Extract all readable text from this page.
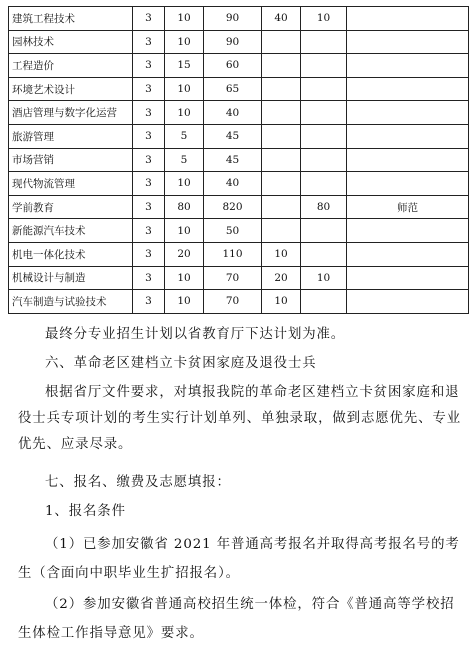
建筑工程技术	3	10	90	40	10	
园林技术	3	10	90			
工程造价	3	15	60			
环境艺术设计	3	10	65			
酒店管理与数字化运营	3	10	40			
旅游管理	3	5	45			
市场营销	3	5	45			
现代物流管理	3	10	40			
学前教育	3	80	820		80	师范
新能源汽车技术	3	10	50			
机电一体化技术	3	20	110	10		
机械设计与制造	3	10	70	20	10	
汽车制造与试验技术	3	10	70	10		

最终分专业招生计划以省教育厅下达计划为准。

六、革命老区建档立卡贫困家庭及退役士兵

根据省厅文件要求，对填报我院的革命老区建档立卡贫困家庭和退役士兵专项计划的考生实行计划单列、单独录取，做到志愿优先、专业优先、应录尽录。

七、报名、缴费及志愿填报：

1、报名条件

（1）已参加安徽省 2021 年普通高考报名并取得高考报名号的考生（含面向中职毕业生扩招报名）。

（2）参加安徽省普通高校招生统一体检，符合《普通高等学校招生体检工作指导意见》要求。
